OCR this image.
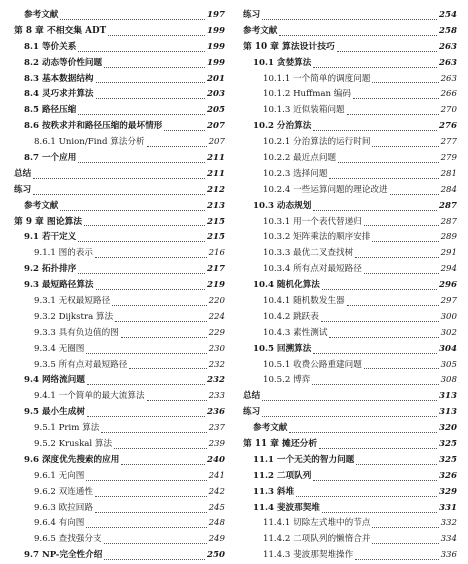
参考文献	197
第 8 章 不相交集 ADT	199
8.1 等价关系	199
8.2 动态等价性问题	199
8.3 基本数据结构	201
8.4 灵巧求并算法	203
8.5 路径压缩	205
8.6 按秩求并和路径压缩的最坏情形	207
8.6.1 Union/Find 算法分析	207
8.7 一个应用	211
总结	211
练习	212
参考文献	213
第 9 章 图论算法	215
9.1 若干定义	215
9.1.1 图的表示	216
9.2 拓扑排序	217
9.3 最短路径算法	219
9.3.1 无权最短路径	220
9.3.2 Dijkstra 算法	224
9.3.3 具有负边值的图	229
9.3.4 无圈图	230
9.3.5 所有点对最短路径	232
9.4 网络流问题	232
9.4.1 一个简单的最大流算法	233
9.5 最小生成树	236
9.5.1 Prim 算法	237
9.5.2 Kruskal 算法	239
9.6 深度优先搜索的应用	240
9.6.1 无向图	241
9.6.2 双连通性	242
9.6.3 欧拉回路	245
9.6.4 有向图	248
9.6.5 查找强分支	249
9.7 NP-完全性介绍	250
练习	254
参考文献	258
第 10 章 算法设计技巧	263
10.1 贪婪算法	263
10.1.1 一个简单的调度问题	263
10.1.2 Huffman 编码	266
10.1.3 近似装箱问题	270
10.2 分治算法	276
10.2.1 分治算法的运行时间	277
10.2.2 最近点问题	279
10.2.3 选择问题	281
10.2.4 一些运算问题的理论改进	284
10.3 动态规划	287
10.3.1 用一个表代替递归	287
10.3.2 矩阵乘法的顺序安排	289
10.3.3 最优二叉查找树	291
10.3.4 所有点对最短路径	294
10.4 随机化算法	296
10.4.1 随机数发生器	297
10.4.2 跳跃表	300
10.4.3 素性测试	302
10.5 回溯算法	304
10.5.1 收费公路重建问题	305
10.5.2 博弈	308
总结	313
练习	313
参考文献	320
第 11 章 摊还分析	325
11.1 一个无关的智力问题	325
11.2 二项队列	326
11.3 斜堆	329
11.4 斐波那契堆	331
11.4.1 切除左式堆中的节点	332
11.4.2 二项队列的懒惰合并	334
11.4.3 斐波那契堆操作	336
